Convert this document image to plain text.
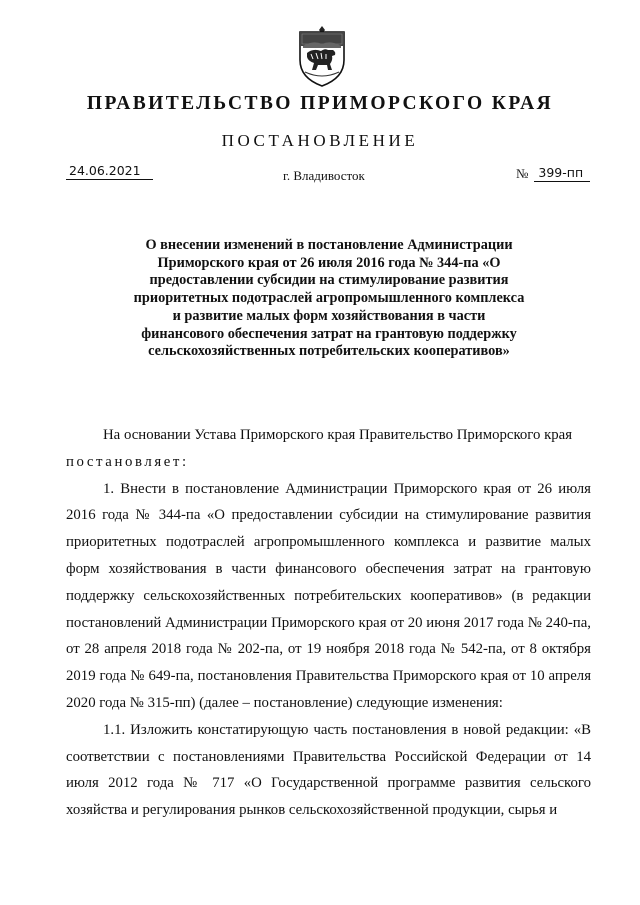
ПРАВИТЕЛЬСТВО ПРИМОРСКОГО КРАЯ
ПОСТАНОВЛЕНИЕ
24.06.2021	г. Владивосток	№ 399-пп
О внесении изменений в постановление Администрации Приморского края от 26 июля 2016 года № 344-па «О предоставлении субсидии на стимулирование развития приоритетных подотраслей агропромышленного комплекса и развитие малых форм хозяйствования в части финансового обеспечения затрат на грантовую поддержку сельскохозяйственных потребительских кооперативов»

На основании Устава Приморского края Правительство Приморского края
постановляет:

1. Внести в постановление Администрации Приморского края от 26 июля 2016 года № 344-па «О предоставлении субсидии на стимулирование развития приоритетных подотраслей агропромышленного комплекса и развитие малых форм хозяйствования в части финансового обеспечения затрат на грантовую поддержку сельскохозяйственных потребительских кооперативов» (в редакции постановлений Администрации Приморского края от 20 июня 2017 года № 240-па, от 28 апреля 2018 года № 202-па, от 19 ноября 2018 года № 542-па, от 8 октября 2019 года № 649-па, постановления Правительства Приморского края от 10 апреля 2020 года № 315-пп) (далее – постановление) следующие изменения:

1.1. Изложить констатирующую часть постановления в новой редакции: «В соответствии с постановлениями Правительства Российской Федерации от 14 июля 2012 года № 717 «О Государственной программе развития сельского хозяйства и регулирования рынков сельскохозяйственной продукции, сырья и
